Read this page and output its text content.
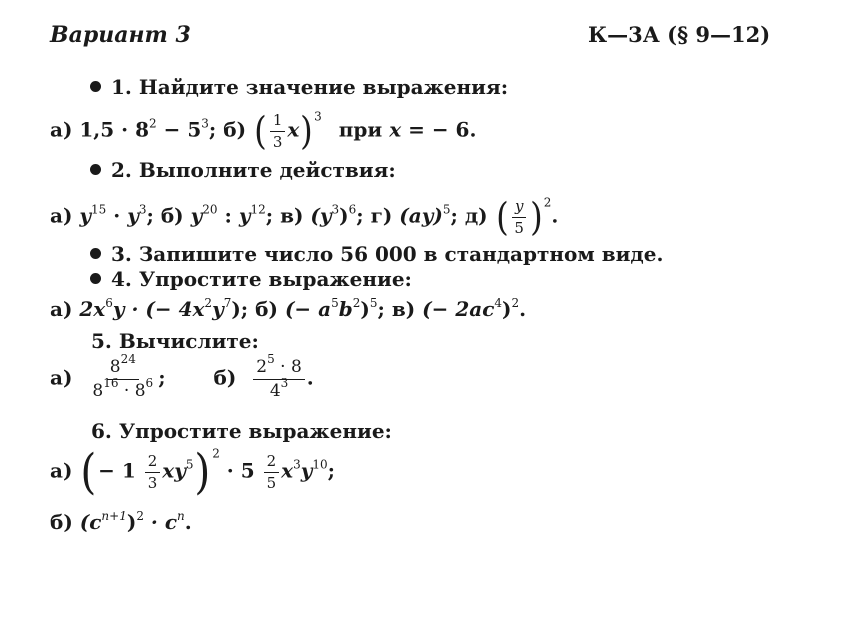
Вариант 3	К—3А (§ 9—12)
1. Найдите значение выражения:
а) $1,5 \cdot 8^2 - 5^3$; б) ( $\frac{1}{3} x)^3$ при x = − 6.
2. Выполните действия:
а) $y^{15} \cdot y^3$; б) $y^{20}$ : $y^{12}$; в) $(y^3)^6$; г) (ay)$^5$; д) ( $\frac{y}{5} )^2$.
3. Запишите число 56 000 в стандартном виде.
4. Упростите выражение:
а) $2x^6y$ · (− $4x^2y^7$); б) (− $a^5b^2)^5$; в) (− $2ac^4)^2$.
5. Вычислите:
$а) \frac{8^{24}}{8^{16} \cdot 8^6}$ ; $б) \frac{2^5 \cdot 8}{4^3}$ .
6. Упростите выражение:
а) (− $1 \frac{2}{3} xy^5)^2 \cdot 5 \frac{2}{5} x^3y^{10}$;
б) $(c^{n+1})^2 \cdot c^n$.
